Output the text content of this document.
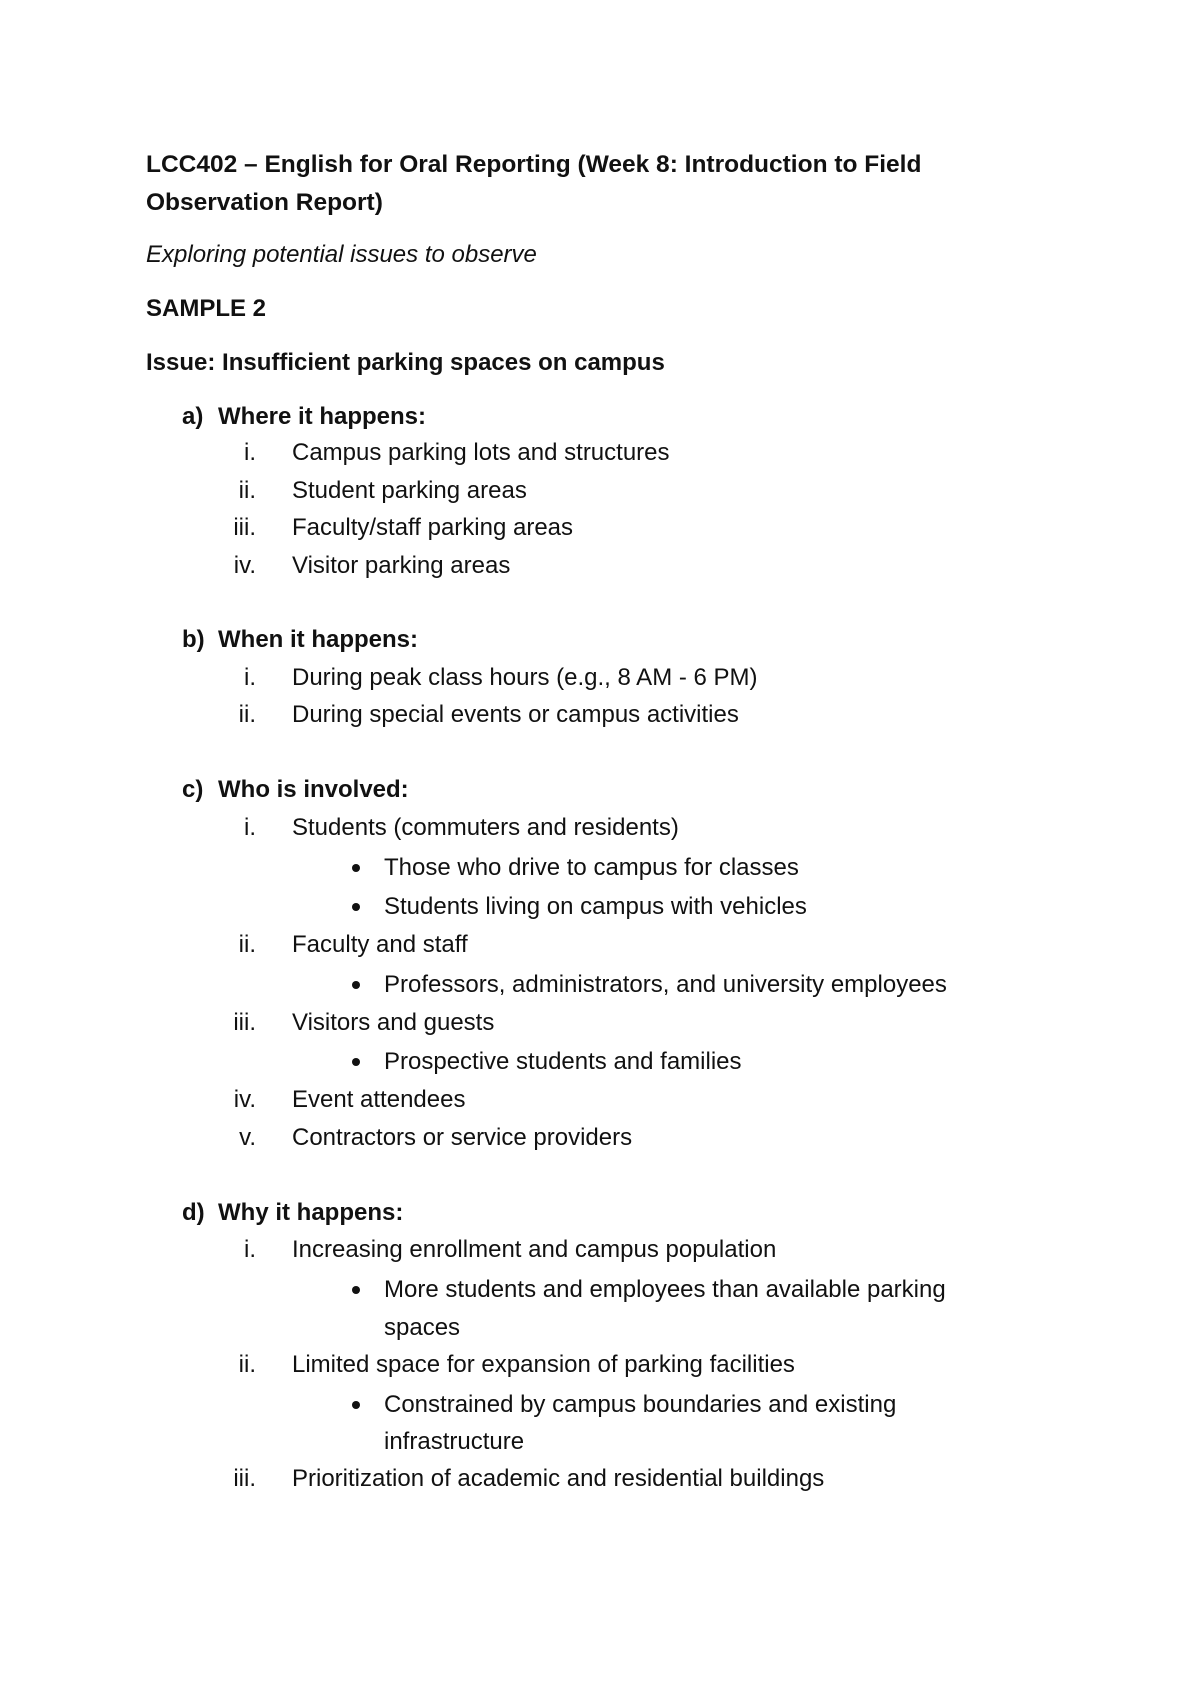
LCC402 – English for Oral Reporting (Week 8: Introduction to Field
Observation Report)
Exploring potential issues to observe
SAMPLE 2
Issue: Insufficient parking spaces on campus
a) Where it happens:
i. Campus parking lots and structures
ii. Student parking areas
iii. Faculty/staff parking areas
iv. Visitor parking areas
b) When it happens:
i. During peak class hours (e.g., 8 AM - 6 PM)
ii. During special events or campus activities
c) Who is involved:
i. Students (commuters and residents)
Those who drive to campus for classes
Students living on campus with vehicles
ii. Faculty and staff
Professors, administrators, and university employees
iii. Visitors and guests
Prospective students and families
iv. Event attendees
v. Contractors or service providers
d) Why it happens:
i. Increasing enrollment and campus population
More students and employees than available parking
spaces
ii. Limited space for expansion of parking facilities
Constrained by campus boundaries and existing
infrastructure
iii. Prioritization of academic and residential buildings
